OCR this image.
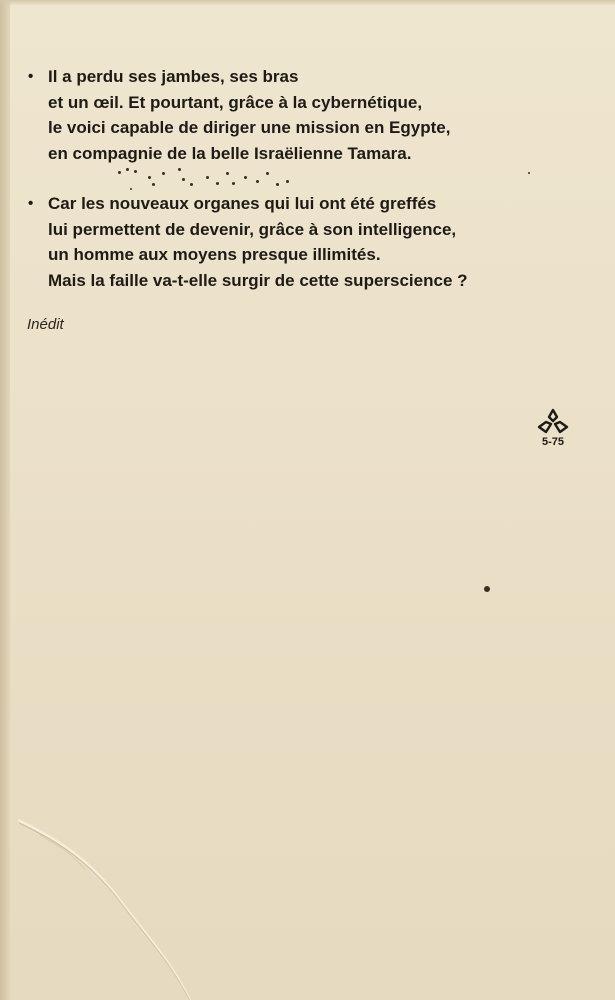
• Il a perdu ses jambes, ses bras
et un œil. Et pourtant, grâce à la cybernétique,
le voici capable de diriger une mission en Egypte,
en compagnie de la belle Israëlienne Tamara.
• Car les nouveaux organes qui lui ont été greffés
lui permettent de devenir, grâce à son intelligence,
un homme aux moyens presque illimités.
Mais la faille va-t-elle surgir de cette superscience ?
Inédit
5-75
